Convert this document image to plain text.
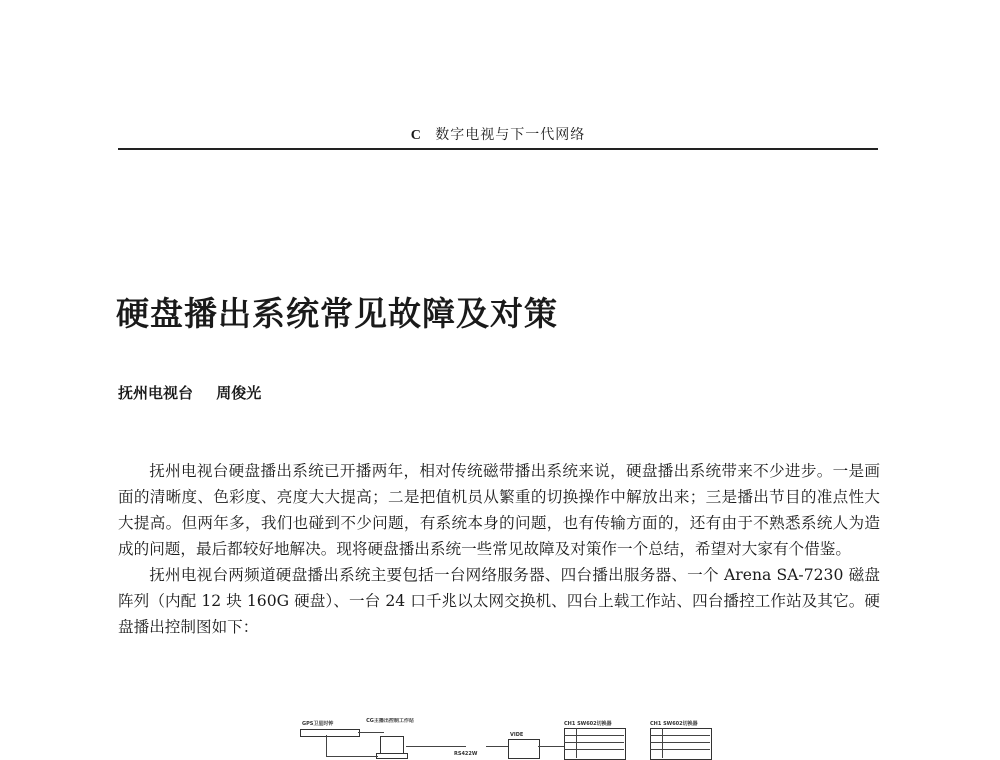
C 数字电视与下一代网络
硬盘播出系统常见故障及对策
抚州电视台 周俊光

抚州电视台硬盘播出系统已开播两年，相对传统磁带播出系统来说，硬盘播出系统带来不少进步。一是画面的清晰度、色彩度、亮度大大提高；二是把值机员从繁重的切换操作中解放出来；三是播出节目的准点性大大提高。但两年多，我们也碰到不少问题，有系统本身的问题，也有传输方面的，还有由于不熟悉系统人为造成的问题，最后都较好地解决。现将硬盘播出系统一些常见故障及对策作一个总结，希望对大家有个借鉴。

抚州电视台两频道硬盘播出系统主要包括一台网络服务器、四台播出服务器、一个 Arena SA-7230 磁盘阵列（内配 12 块 160G 硬盘）、一台 24 口千兆以太网交换机、四台上载工作站、四台播控工作站及其它。硬盘播出控制图如下：

GPS卫星时钟	CG主播出控制工作站
RS422W
VIDE
CH1 SW602切换器	CH1 SW602切换器
